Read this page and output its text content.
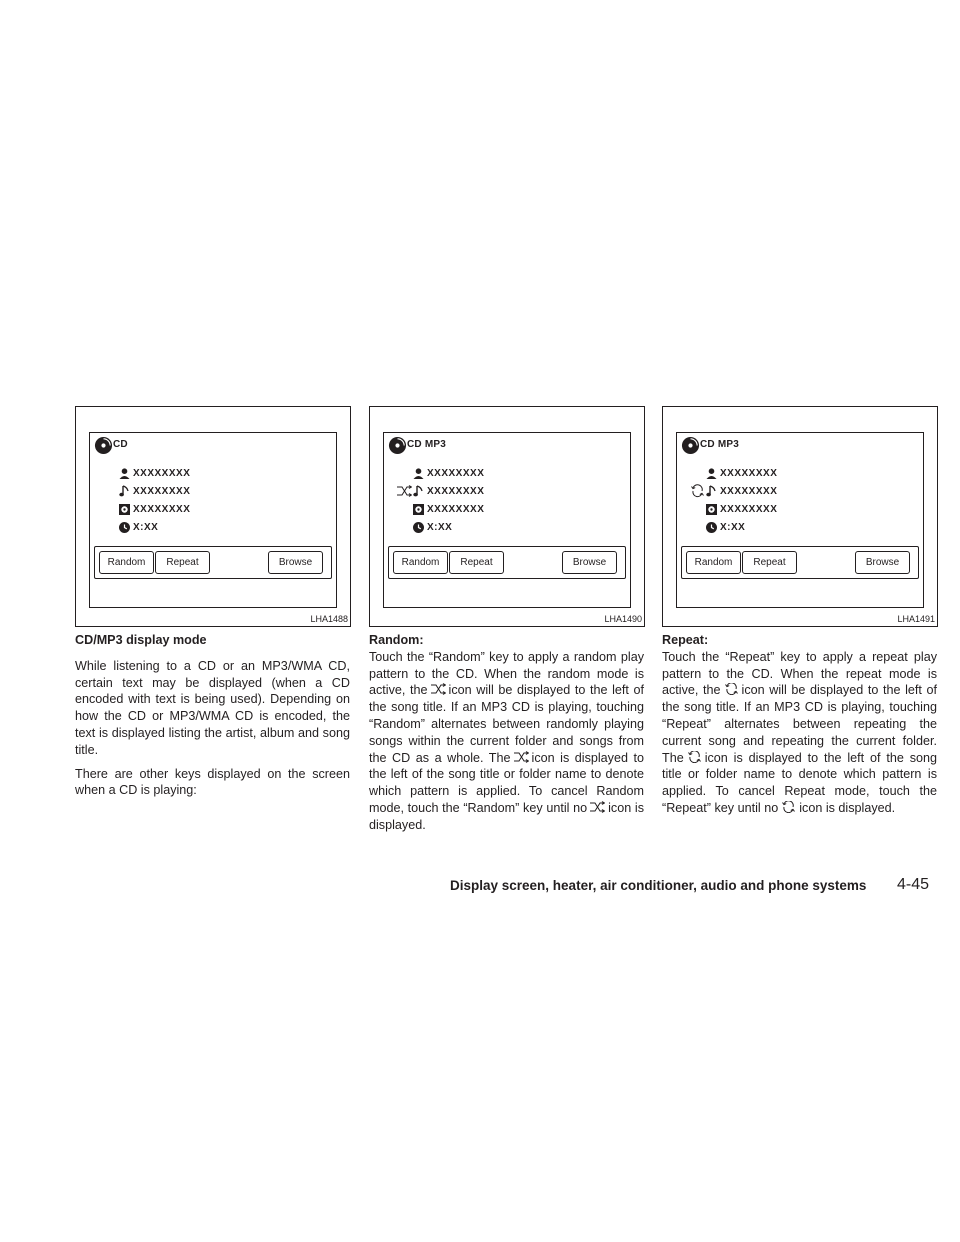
CD
XXXXXXXX
XXXXXXXX
XXXXXXXX
X:XX
Random	Repeat	Browse
LHA1488
CD MP3
XXXXXXXX
XXXXXXXX
XXXXXXXX
X:XX
Random	Repeat	Browse
LHA1490
CD MP3
XXXXXXXX
XXXXXXXX
XXXXXXXX
X:XX
Random	Repeat	Browse
LHA1491
CD/MP3 display mode

While listening to a CD or an MP3/WMA CD, certain text may be displayed (when a CD encoded with text is being used). Depending on how the CD or MP3/WMA CD is encoded, the text is displayed listing the artist, album and song title.

There are other keys displayed on the screen when a CD is playing:

Random:

Touch the “Random” key to apply a random play pattern to the CD. When the random mode is active, the icon will be displayed to the left of the song title. If an MP3 CD is playing, touching “Random” alternates between randomly playing songs within the current folder and songs from the CD as a whole. The icon is displayed to the left of the song title or folder name to denote which pattern is applied. To cancel Random mode, touch the “Random” key until no icon is displayed.

Repeat:

Touch the “Repeat” key to apply a repeat play pattern to the CD. When the repeat mode is active, the icon will be displayed to the left of the song title. If an MP3 CD is playing, touching “Repeat” alternates between repeating the current song and repeating the current folder. The icon is displayed to the left of the song title or folder name to denote which pattern is applied. To cancel Repeat mode, touch the “Repeat” key until no icon is displayed.

Display screen, heater, air conditioner, audio and phone systems 4-45
